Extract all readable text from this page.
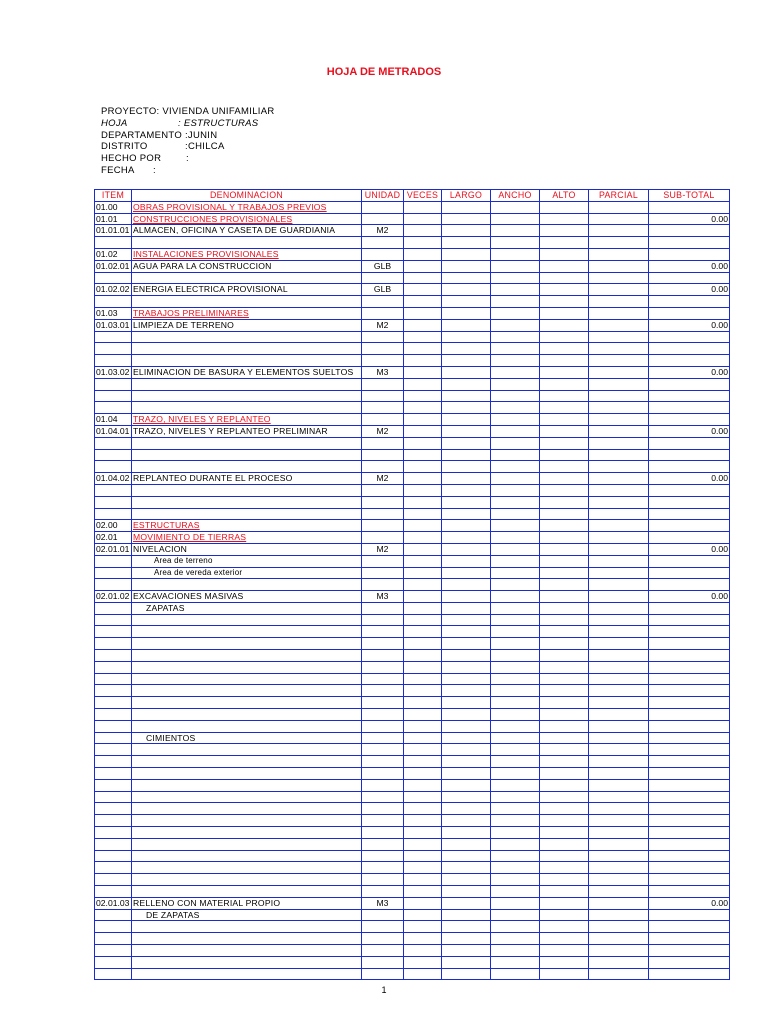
HOJA DE METRADOS
PROYECTO: VIVIENDA UNIFAMILIAR
HOJA	: ESTRUCTURAS
DEPARTAMENTO :JUNIN
DISTRITO	:CHILCA
HECHO POR	:
FECHA :
ITEM	DENOMINACION	UNIDAD	VECES	LARGO	ANCHO	ALTO	PARCIAL	SUB-TOTAL
01.00	OBRAS PROVISIONAL Y TRABAJOS PREVIOS							
01.01	CONSTRUCCIONES PROVISIONALES							0.00
01.01.01	ALMACEN, OFICINA Y CASETA DE GUARDIANIA	M2						

01.02	INSTALACIONES PROVISIONALES							
01.02.01	AGUA PARA LA CONSTRUCCION	GLB						0.00

01.02.02	ENERGIA ELECTRICA PROVISIONAL	GLB						0.00

01.03	TRABAJOS PRELIMINARES							
01.03.01	LIMPIEZA DE TERRENO	M2						0.00

01.03.02	ELIMINACION DE BASURA Y ELEMENTOS SUELTOS	M3						0.00

01.04	TRAZO, NIVELES Y REPLANTEO							
01.04.01	TRAZO, NIVELES Y REPLANTEO PRELIMINAR	M2						0.00

01.04.02	REPLANTEO DURANTE EL PROCESO	M2						0.00

02.00	ESTRUCTURAS							
02.01	MOVIMIENTO DE TIERRAS							
02.01.01	NIVELACION	M2						0.00
	Area de terreno							
	Area de vereda exterior							

02.01.02	EXCAVACIONES MASIVAS	M3						0.00
	ZAPATAS							

	CIMIENTOS							

02.01.03	RELLENO CON MATERIAL PROPIO	M3						0.00
	DE ZAPATAS							

1
